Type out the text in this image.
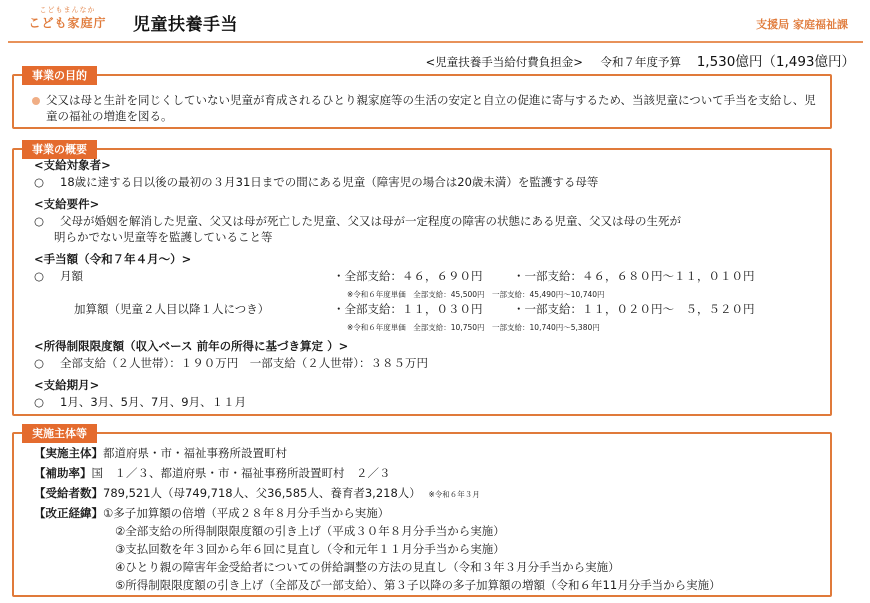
こどもまんなか
こども家庭庁 児童扶養手当	支援局 家庭福祉課
<児童扶養手当給付費負担金> 令和７年度予算 1,530億円（1,493億円）
事業の目的
父又は母と生計を同じくしていない児童が育成されるひとり親家庭等の生活の安定と自立の促進に寄与するため、当該児童について手当を支給し、児童の福祉の増進を図る。
事業の概要
<支給対象者>
○ 18歳に達する日以後の最初の３月31日までの間にある児童（障害児の場合は20歳未満）を監護する母等
<支給要件>
○ 父母が婚姻を解消した児童、父又は母が死亡した児童、父又は母が一定程度の障害の状態にある児童、父又は母の生死が
明らかでない児童等を監護していること等
<手当額（令和７年４月～）>
○ 月額	・全部支給：４６，６９０円	・一部支給：４６，６８０円～１１，０１０円
※令和６年度単価　全部支給：45,500円　一部支給：45,490円～10,740円
加算額（児童２人目以降１人につき）	・全部支給：１１，０３０円	・一部支給：１１，０２０円～　５，５２０円
※令和６年度単価　全部支給：10,750円　一部支給：10,740円～5,380円
<所得制限限度額（収入ベース 前年の所得に基づき算定 ）>
○ 全部支給（２人世帯）：１９０万円　一部支給（２人世帯）：３８５万円
<支給期月>
○ 1月、3月、5月、7月、9月、１１月
実施主体等
【実施主体】都道府県・市・福祉事務所設置町村
【補助率】国　１／３、都道府県・市・福祉事務所設置町村　２／３
【受給者数】789,521人（母749,718人、父36,585人、養育者3,218人） ※令和６年３月
【改正経緯】①多子加算額の倍増（平成２８年８月分手当から実施）
②全部支給の所得制限限度額の引き上げ（平成３０年８月分手当から実施）
③支払回数を年３回から年６回に見直し（令和元年１１月分手当から実施）
④ひとり親の障害年金受給者についての併給調整の方法の見直し（令和３年３月分手当から実施）
⑤所得制限限度額の引き上げ（全部及び一部支給）、第３子以降の多子加算額の増額（令和６年11月分手当から実施）
